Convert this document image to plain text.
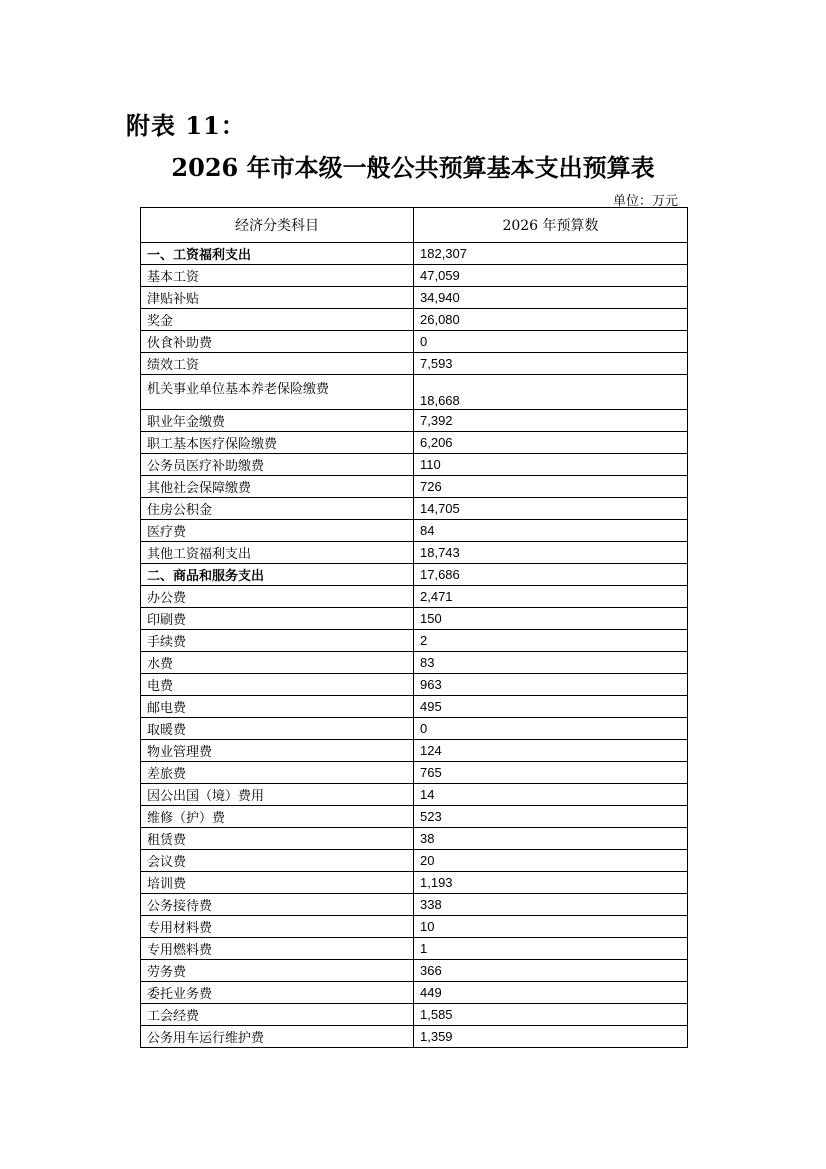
附表 11：
2026 年市本级一般公共预算基本支出预算表
单位：万元
经济分类科目	2026 年预算数
一、工资福利支出	182,307
基本工资	47,059
津贴补贴	34,940
奖金	26,080
伙食补助费	0
绩效工资	7,593
机关事业单位基本养老保险缴费	18,668
职业年金缴费	7,392
职工基本医疗保险缴费	6,206
公务员医疗补助缴费	110
其他社会保障缴费	726
住房公积金	14,705
医疗费	84
其他工资福利支出	18,743
二、商品和服务支出	17,686
办公费	2,471
印刷费	150
手续费	2
水费	83
电费	963
邮电费	495
取暖费	0
物业管理费	124
差旅费	765
因公出国（境）费用	14
维修（护）费	523
租赁费	38
会议费	20
培训费	1,193
公务接待费	338
专用材料费	10
专用燃料费	1
劳务费	366
委托业务费	449
工会经费	1,585
公务用车运行维护费	1,359
